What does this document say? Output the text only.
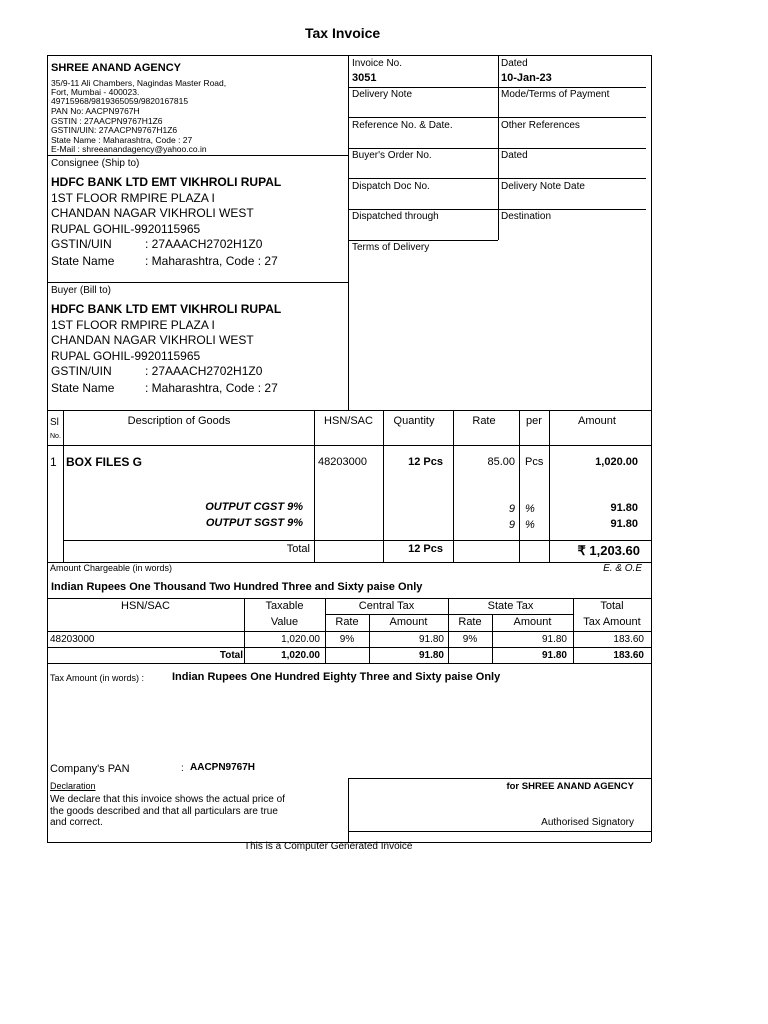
Tax Invoice
SHREE ANAND AGENCY
35/9-11 Ali Chambers, Nagindas Master Road,
Fort, Mumbai - 400023.
49715968/9819365059/9820167815
PAN No: AACPN9767H
GSTIN : 27AACPN9767H1Z6
GSTIN/UIN: 27AACPN9767H1Z6
State Name : Maharashtra, Code : 27
E-Mail : shreeanandagency@yahoo.co.in
Invoice No.
3051
Dated
10-Jan-23
Delivery Note	Mode/Terms of Payment
Reference No. & Date.	Other References
Buyer's Order No.	Dated
Dispatch Doc No.	Delivery Note Date
Dispatched through	Destination
Terms of Delivery
Consignee (Ship to)
HDFC BANK LTD EMT VIKHROLI RUPAL
1ST FLOOR RMPIRE PLAZA I
CHANDAN NAGAR VIKHROLI WEST
RUPAL GOHIL-9920115965
GSTIN/UIN	: 27AAACH2702H1Z0
State Name	: Maharashtra, Code : 27
Buyer (Bill to)
HDFC BANK LTD EMT VIKHROLI RUPAL
1ST FLOOR RMPIRE PLAZA I
CHANDAN NAGAR VIKHROLI WEST
RUPAL GOHIL-9920115965
GSTIN/UIN	: 27AAACH2702H1Z0
State Name	: Maharashtra, Code : 27
Sl
No.
Description of Goods	HSN/SAC	Quantity	Rate	per	Amount
1 BOX FILES G	48203000	12 Pcs	85.00 Pcs	1,020.00
OUTPUT CGST 9%	9 %	91.80
OUTPUT SGST 9%	9 %	91.80
Total	12 Pcs	₹ 1,203.60
Amount Chargeable (in words)	E. & O.E
Indian Rupees One Thousand Two Hundred Three and Sixty paise Only
HSN/SAC	Taxable
Value
Central Tax
Rate	Amount
State Tax
Rate	Amount
Total
Tax Amount
48203000	1,020.00	9%	91.80	9%	91.80	183.60
Total	1,020.00	91.80	91.80	183.60
Tax Amount (in words) :	Indian Rupees One Hundred Eighty Three and Sixty paise Only
Company's PAN	: AACPN9767H
Declaration
We declare that this invoice shows the actual price of
the goods described and that all particulars are true
and correct.
for SHREE ANAND AGENCY
Authorised Signatory
This is a Computer Generated Invoice
